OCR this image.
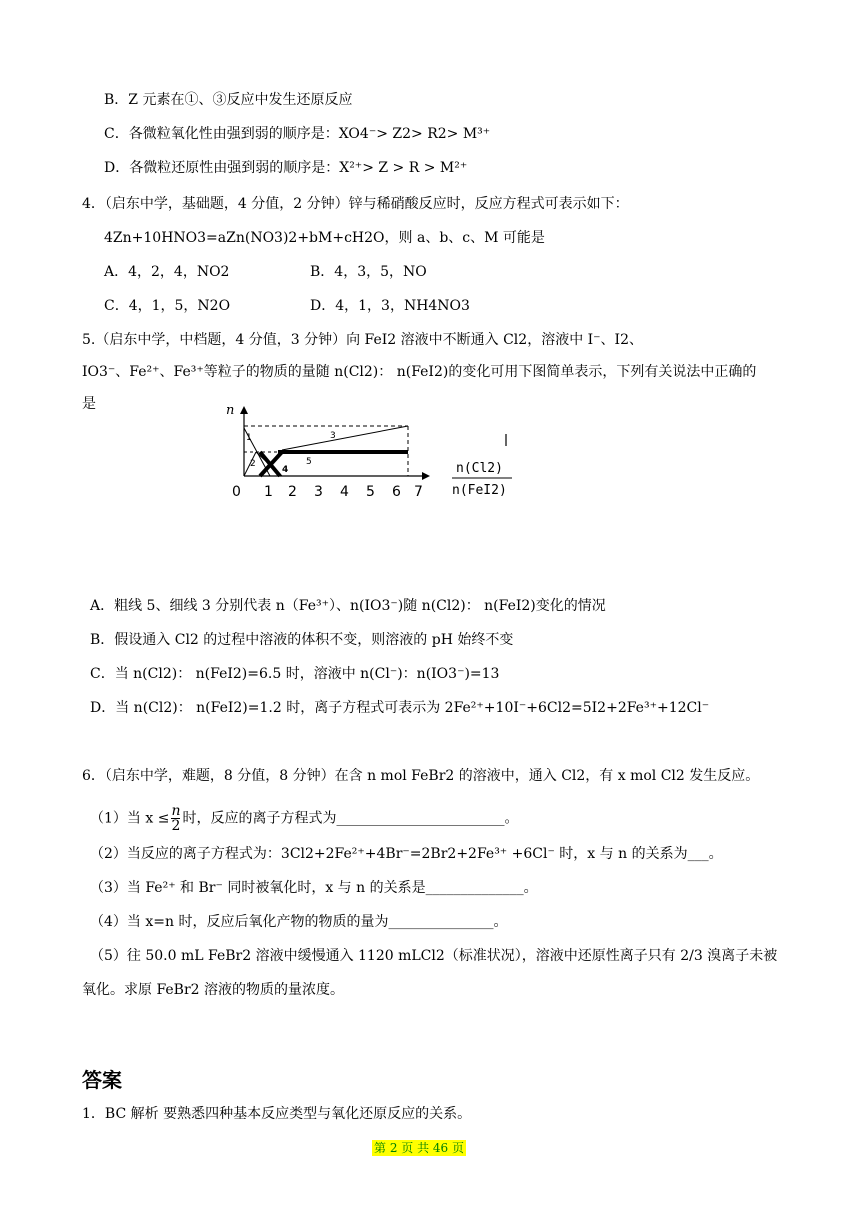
B．Z 元素在①、③反应中发生还原反应
C．各微粒氧化性由强到弱的顺序是：XO4⁻> Z2> R2> M³⁺
D．各微粒还原性由强到弱的顺序是：X²⁺> Z > R > M²⁺
4．（启东中学，基础题，4 分值，2 分钟）锌与稀硝酸反应时，反应方程式可表示如下：
4Zn+10HNO3=aZn(NO3)2+bM+cH2O，则 a、b、c、M 可能是
A．4，2，4，NO2	B．4，3，5，NO
C．4，1，5，N2O	D．4，1，3，NH4NO3
5.（启东中学，中档题，4 分值，3 分钟）向 FeI2 溶液中不断通入 Cl2，溶液中 I⁻、I2、
IO3⁻、Fe²⁺、Fe³⁺等粒子的物质的量随 n(Cl2)： n(FeI2)的变化可用下图简单表示，下列有关说法中正确的
是	n
1
2
3
4
5
0 1 2 3 4 5 6 7
n(Cl2)
n(FeI2)
A．粗线 5、细线 3 分别代表 n（Fe³⁺）、n(IO3⁻)随 n(Cl2)： n(FeI2)变化的情况
B．假设通入 Cl2 的过程中溶液的体积不变，则溶液的 pH 始终不变
C．当 n(Cl2)： n(FeI2)=6.5 时，溶液中 n(Cl⁻)：n(IO3⁻)=13
D．当 n(Cl2)： n(FeI2)=1.2 时，离子方程式可表示为 2Fe²⁺+10I⁻+6Cl2=5I2+2Fe³⁺+12Cl⁻
6．（启东中学，难题，8 分值，8 分钟）在含 n mol FeBr2 的溶液中，通入 Cl2，有 x mol Cl2 发生反应。
（1）当 $x \le \frac{n}{2}$ 时，反应的离子方程式为________________________。
（2）当反应的离子方程式为：3Cl2+2Fe²⁺+4Br⁻=2Br2+2Fe³⁺ +6Cl⁻ 时，x 与 n 的关系为___。
（3）当 Fe²⁺ 和 Br⁻ 同时被氧化时，x 与 n 的关系是______________。
（4）当 x=n 时，反应后氧化产物的物质的量为_______________。
（5）往 50.0 mL FeBr2 溶液中缓慢通入 1120 mLCl2（标准状况），溶液中还原性离子只有 2/3 溴离子未被
氧化。求原 FeBr2 溶液的物质的量浓度。
答案
1．BC 解析 要熟悉四种基本反应类型与氧化还原反应的关系。
第 2 页 共 46 页
